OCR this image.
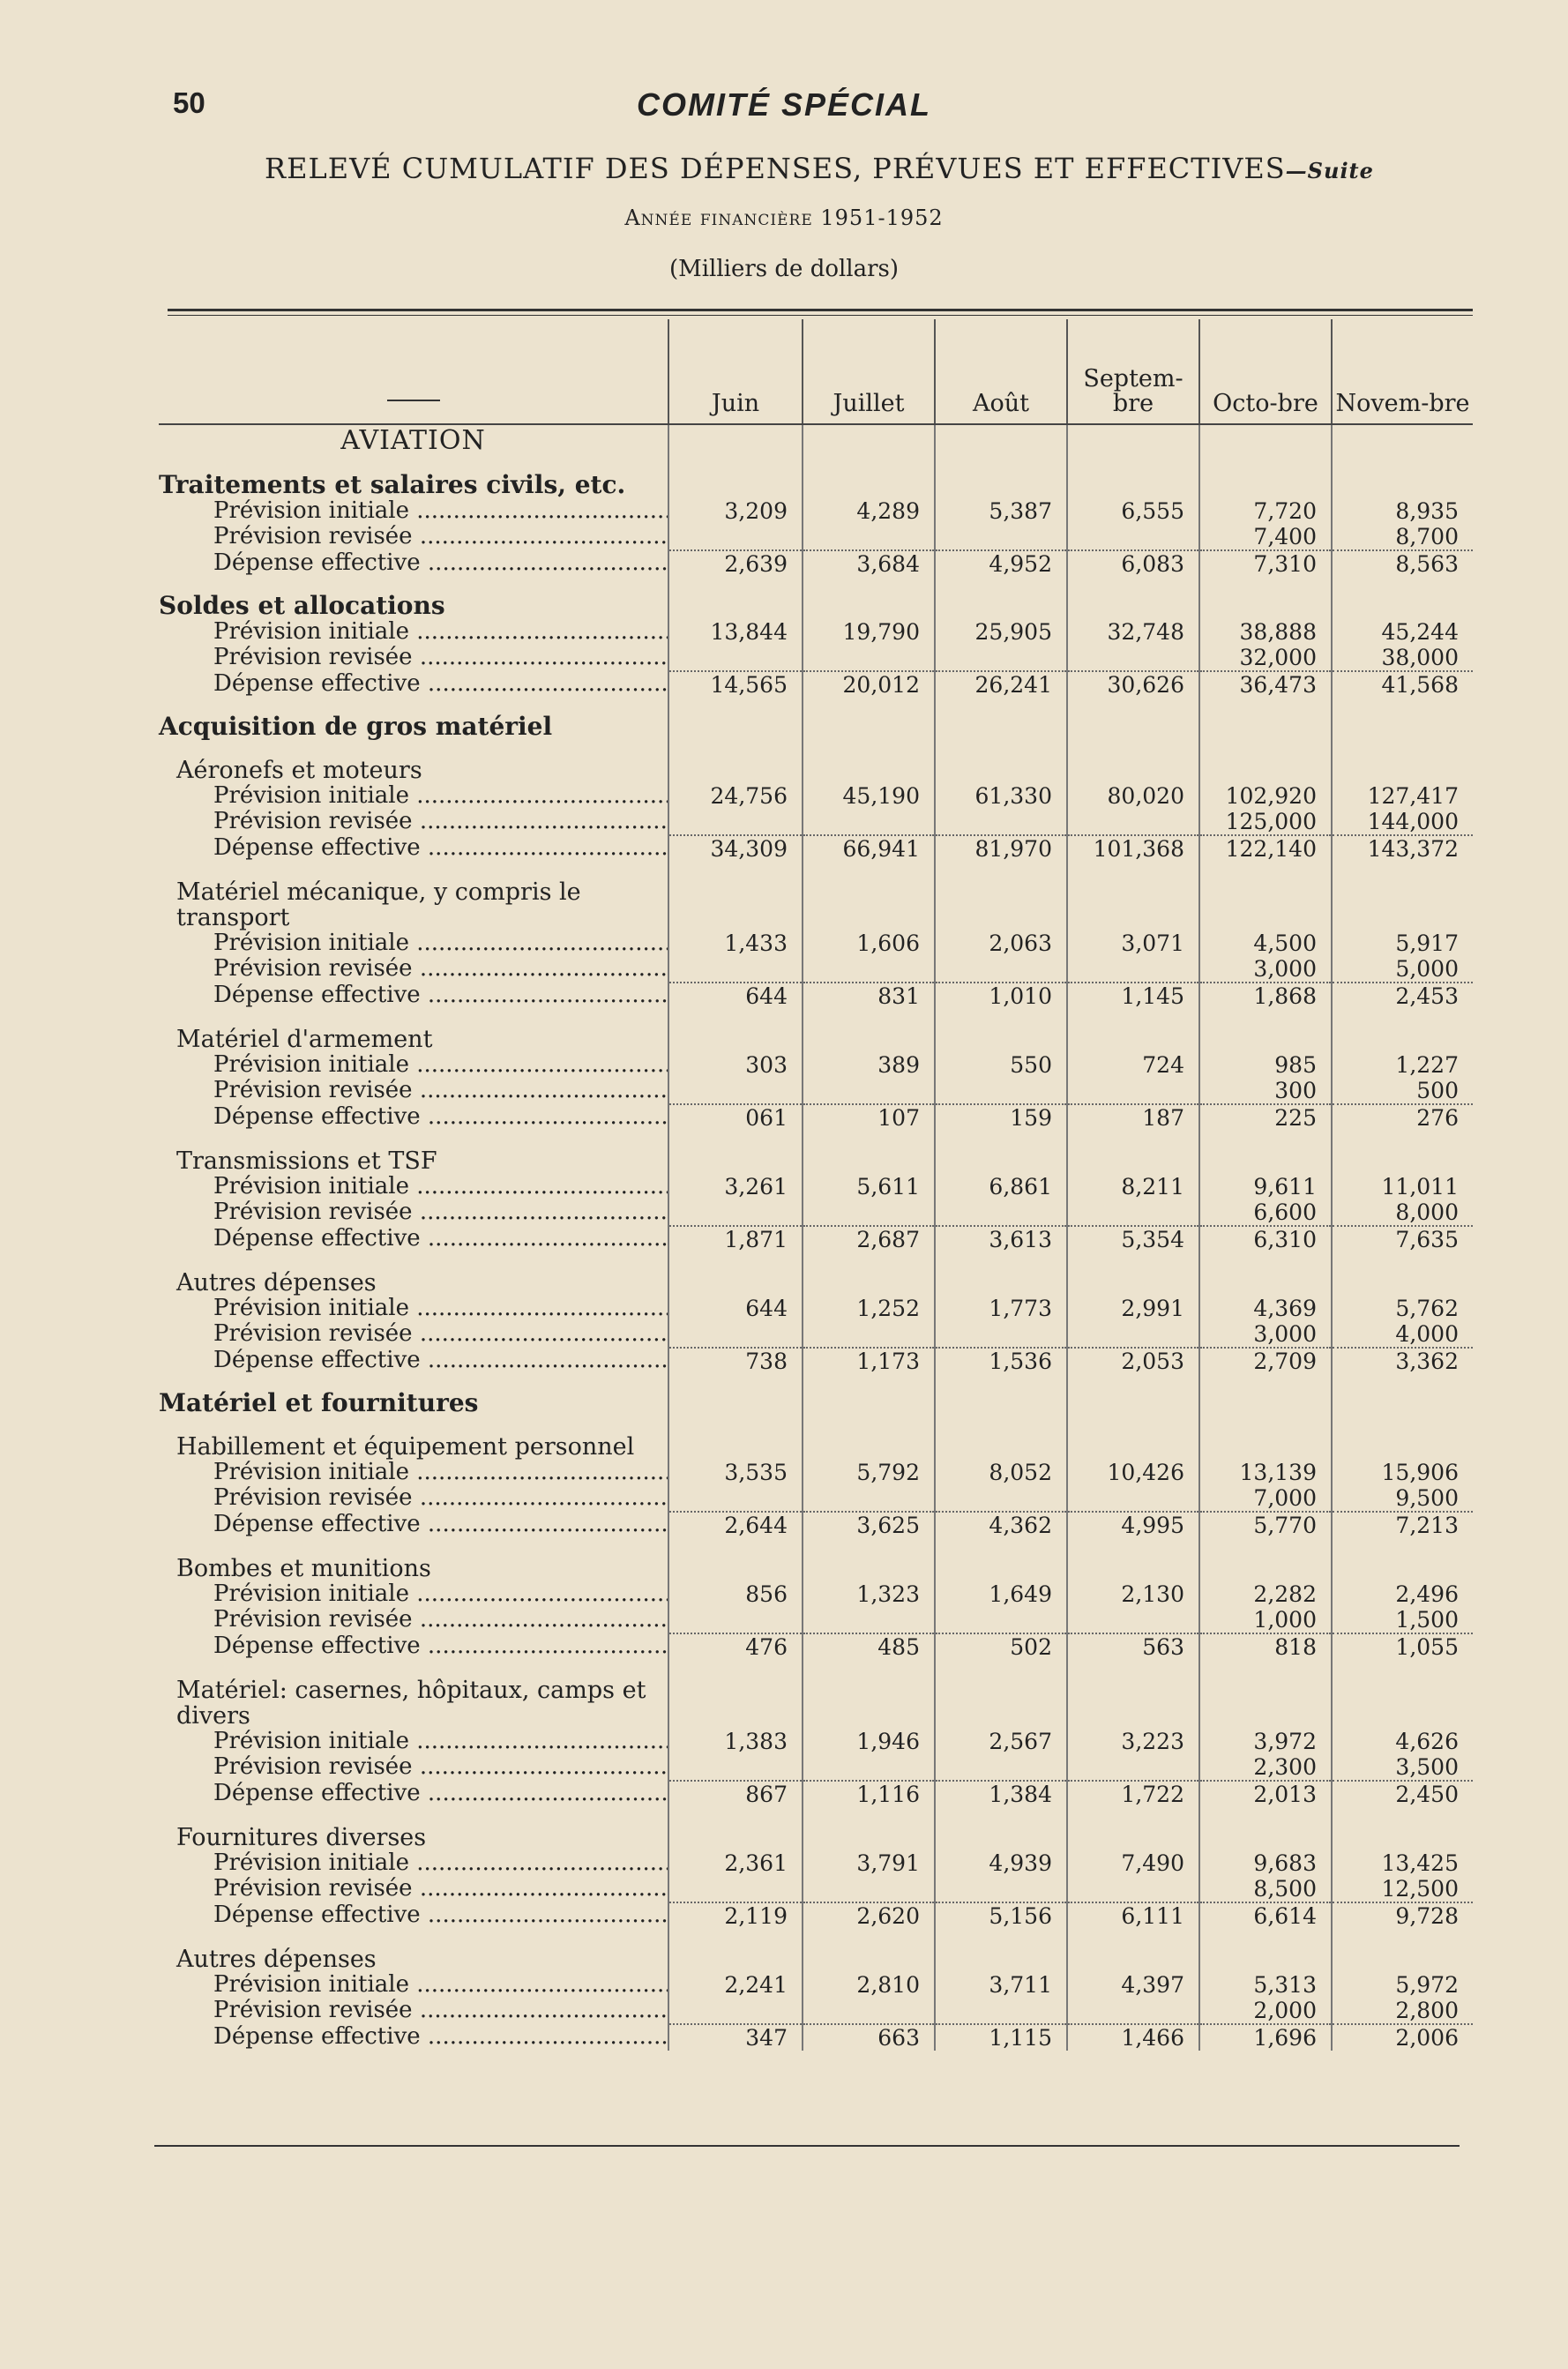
50	COMITÉ SPÉCIAL
RELEVÉ CUMULATIF DES DÉPENSES, PRÉVUES ET EFFECTIVES—Suite
Année financière 1951-1952
(Milliers de dollars)
	Juin	Juillet	Août	Septem-bre	Octo-bre	Novem-bre
AVIATION						
Traitements et salaires civils, etc.						
Prévision initiale .....	3,209	4,289	5,387	6,555	7,720	8,935
Prévision revisée .....					7,400	8,700
Dépense effective .....	2,639	3,684	4,952	6,083	7,310	8,563
Soldes et allocations						
Prévision initiale .....	13,844	19,790	25,905	32,748	38,888	45,244
Prévision revisée .....					32,000	38,000
Dépense effective .....	14,565	20,012	26,241	30,626	36,473	41,568
Acquisition de gros matériel						
Aéronefs et moteurs						
Prévision initiale .....	24,756	45,190	61,330	80,020	102,920	127,417
Prévision revisée .....					125,000	144,000
Dépense effective .....	34,309	66,941	81,970	101,368	122,140	143,372
Matériel mécanique, y compris le transport						
Prévision initiale .....	1,433	1,606	2,063	3,071	4,500	5,917
Prévision revisée .....					3,000	5,000
Dépense effective .....	644	831	1,010	1,145	1,868	2,453
Matériel d'armement						
Prévision initiale .....	303	389	550	724	985	1,227
Prévision revisée .....					300	500
Dépense effective .....	061	107	159	187	225	276
Transmissions et TSF						
Prévision initiale .....	3,261	5,611	6,861	8,211	9,611	11,011
Prévision revisée .....					6,600	8,000
Dépense effective .....	1,871	2,687	3,613	5,354	6,310	7,635
Autres dépenses						
Prévision initiale .....	644	1,252	1,773	2,991	4,369	5,762
Prévision revisée .....					3,000	4,000
Dépense effective .....	738	1,173	1,536	2,053	2,709	3,362
Matériel et fournitures						
Habillement et équipement personnel						
Prévision initiale .....	3,535	5,792	8,052	10,426	13,139	15,906
Prévision revisée .....					7,000	9,500
Dépense effective .....	2,644	3,625	4,362	4,995	5,770	7,213
Bombes et munitions						
Prévision initiale .....	856	1,323	1,649	2,130	2,282	2,496
Prévision revisée .....					1,000	1,500
Dépense effective .....	476	485	502	563	818	1,055
Matériel: casernes, hôpitaux, camps et divers						
Prévision initiale .....	1,383	1,946	2,567	3,223	3,972	4,626
Prévision revisée .....					2,300	3,500
Dépense effective .....	867	1,116	1,384	1,722	2,013	2,450
Fournitures diverses						
Prévision initiale .....	2,361	3,791	4,939	7,490	9,683	13,425
Prévision revisée .....					8,500	12,500
Dépense effective .....	2,119	2,620	5,156	6,111	6,614	9,728
Autres dépenses						
Prévision initiale .....	2,241	2,810	3,711	4,397	5,313	5,972
Prévision revisée .....					2,000	2,800
Dépense effective .....	347	663	1,115	1,466	1,696	2,006
